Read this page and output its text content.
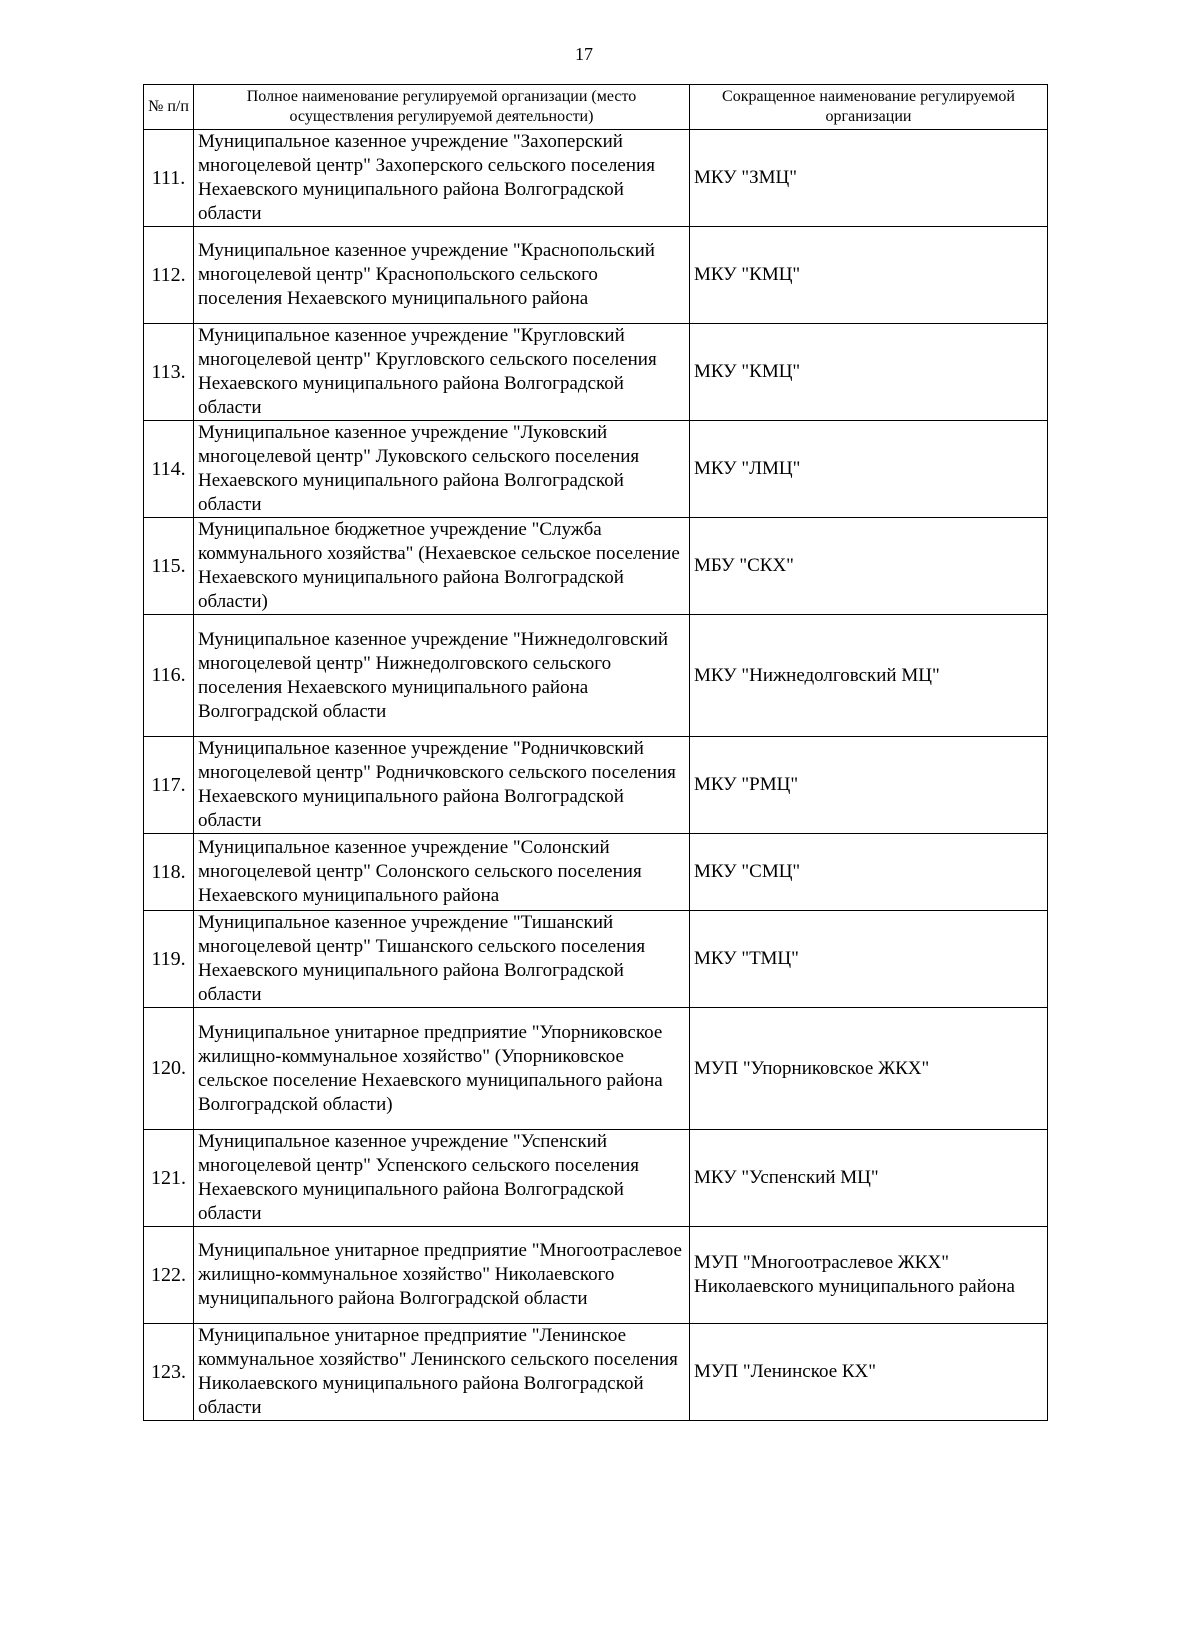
17
№ п/п	Полное наименование регулируемой организации (место осуществления регулируемой деятельности)	Сокращенное наименование регулируемой организации
111.	Муниципальное казенное учреждение "Захоперский многоцелевой центр" Захоперского сельского поселения Нехаевского муниципального района Волгоградской области	МКУ "ЗМЦ"
112.	Муниципальное казенное учреждение "Краснопольский многоцелевой центр" Краснопольского сельского поселения Нехаевского муниципального района	МКУ "КМЦ"
113.	Муниципальное казенное учреждение "Кругловский многоцелевой центр" Кругловского сельского поселения Нехаевского муниципального района Волгоградской области	МКУ "КМЦ"
114.	Муниципальное казенное учреждение "Луковский многоцелевой центр" Луковского сельского поселения Нехаевского муниципального района Волгоградской области	МКУ "ЛМЦ"
115.	Муниципальное бюджетное учреждение "Служба коммунального хозяйства" (Нехаевское сельское поселение Нехаевского муниципального района Волгоградской области)	МБУ "СКХ"
116.	Муниципальное казенное учреждение "Нижнедолговский многоцелевой центр" Нижнедолговского сельского поселения Нехаевского муниципального района Волгоградской области	МКУ "Нижнедолговский МЦ"
117.	Муниципальное казенное учреждение "Родничковский многоцелевой центр" Родничковского сельского поселения Нехаевского муниципального района Волгоградской области	МКУ "РМЦ"
118.	Муниципальное казенное учреждение "Солонский многоцелевой центр" Солонского сельского поселения Нехаевского муниципального района	МКУ "СМЦ"
119.	Муниципальное казенное учреждение "Тишанский многоцелевой центр" Тишанского сельского поселения Нехаевского муниципального района Волгоградской области	МКУ "ТМЦ"
120.	Муниципальное унитарное предприятие "Упорниковское жилищно-коммунальное хозяйство" (Упорниковское сельское поселение Нехаевского муниципального района Волгоградской области)	МУП "Упорниковское ЖКХ"
121.	Муниципальное казенное учреждение "Успенский многоцелевой центр" Успенского сельского поселения Нехаевского муниципального района Волгоградской области	МКУ "Успенский МЦ"
122.	Муниципальное унитарное предприятие "Многоотраслевое жилищно-коммунальное хозяйство" Николаевского муниципального района Волгоградской области	МУП "Многоотраслевое ЖКХ" Николаевского муниципального района
123.	Муниципальное унитарное предприятие "Ленинское коммунальное хозяйство" Ленинского сельского поселения Николаевского муниципального района Волгоградской области	МУП "Ленинское КХ"
